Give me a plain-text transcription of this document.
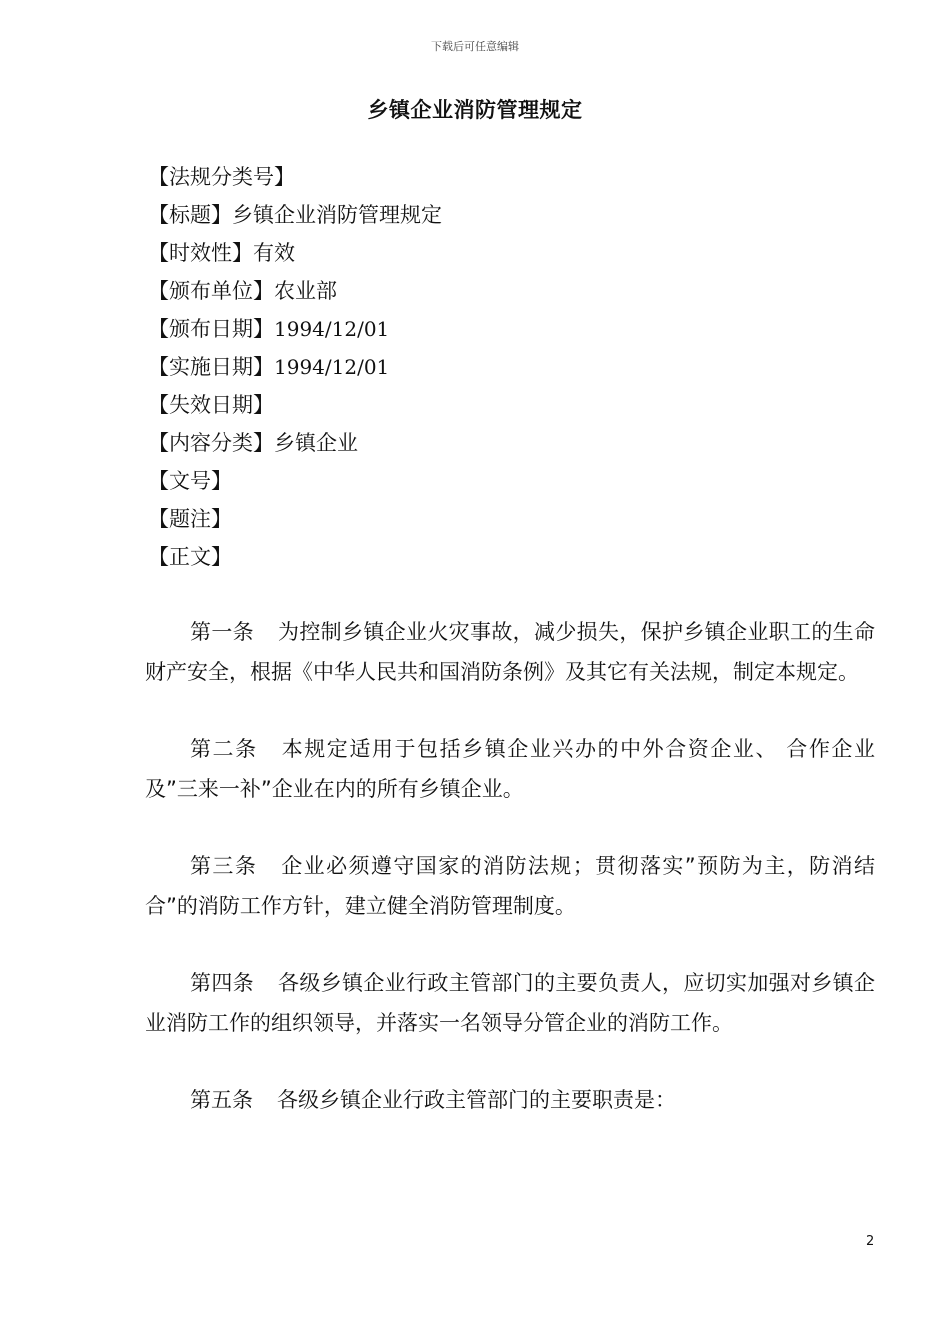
下载后可任意编辑
乡镇企业消防管理规定
【法规分类号】
【标题】乡镇企业消防管理规定
【时效性】有效
【颁布单位】农业部
【颁布日期】1994/12/01
【实施日期】1994/12/01
【失效日期】
【内容分类】乡镇企业
【文号】
【题注】
【正文】

第一条 为控制乡镇企业火灾事故，减少损失，保护乡镇企业职工的生命财产安全，根据《中华人民共和国消防条例》及其它有关法规，制定本规定。

第二条 本规定适用于包括乡镇企业兴办的中外合资企业、 合作企业及”三来一补”企业在内的所有乡镇企业。

第三条 企业必须遵守国家的消防法规；贯彻落实”预防为主，防消结合”的消防工作方针，建立健全消防管理制度。

第四条 各级乡镇企业行政主管部门的主要负责人，应切实加强对乡镇企业消防工作的组织领导，并落实一名领导分管企业的消防工作。

第五条 各级乡镇企业行政主管部门的主要职责是：

2
